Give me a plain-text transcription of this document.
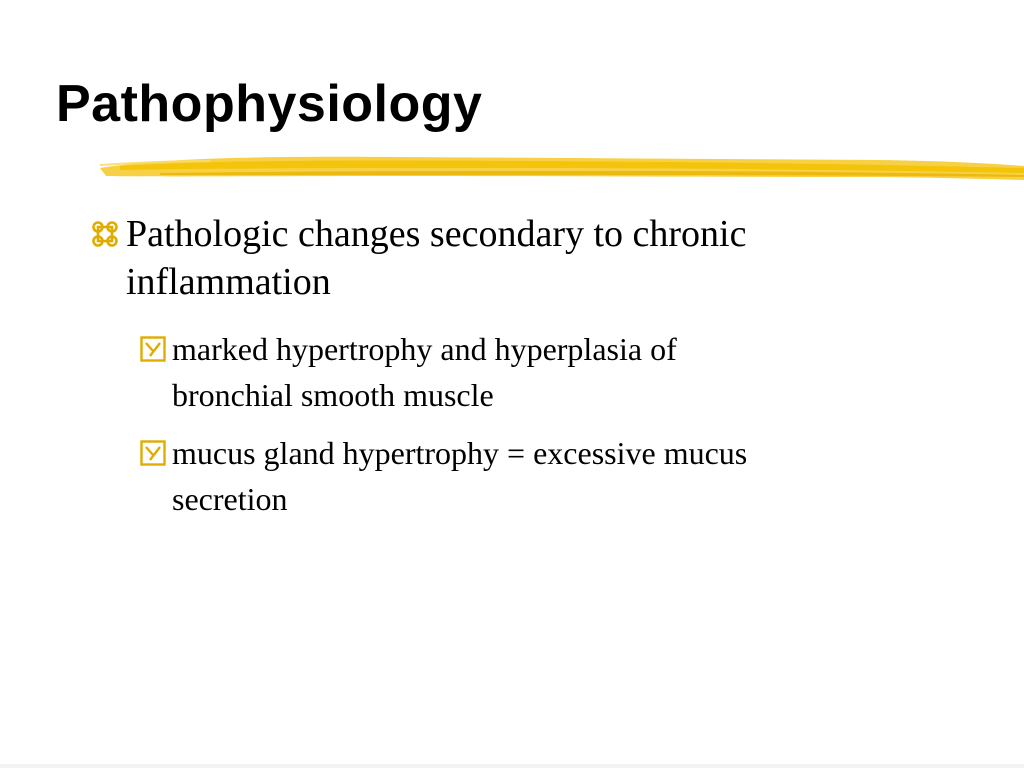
Pathophysiology
Pathologic changes secondary to chronic
inflammation
marked hypertrophy and hyperplasia of
bronchial smooth muscle
mucus gland hypertrophy = excessive mucus
secretion
